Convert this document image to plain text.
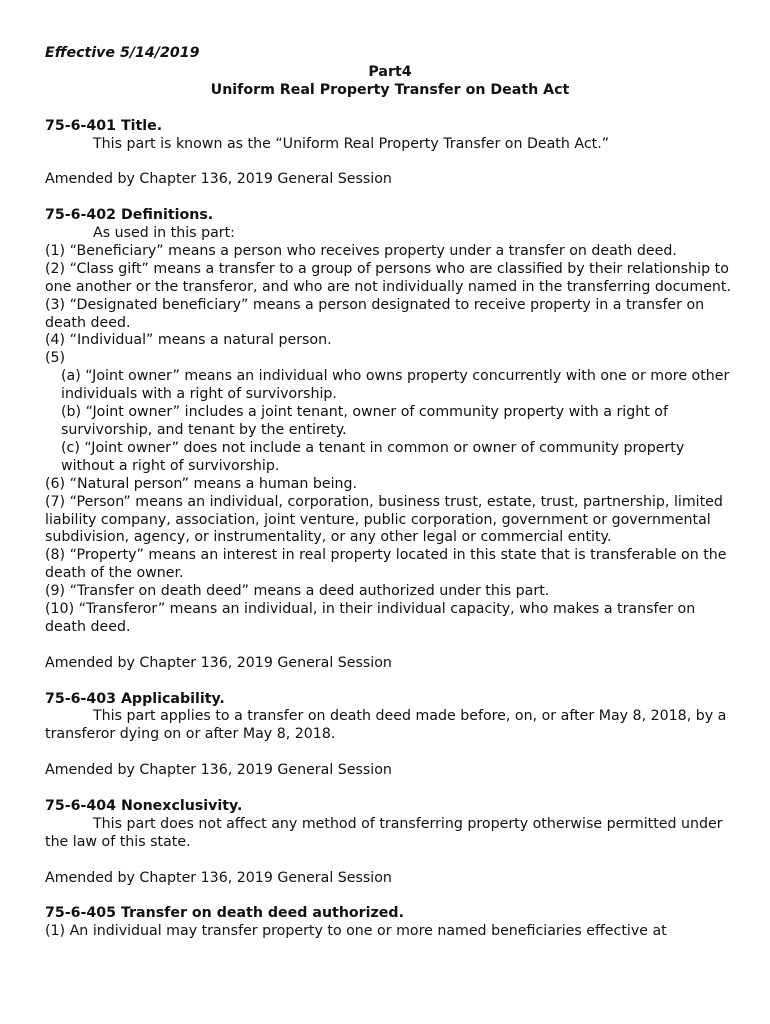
Effective 5/14/2019

Part4

Uniform Real Property Transfer on Death Act

75-6-401 Title.

This part is known as the “Uniform Real Property Transfer on Death Act.”

Amended by Chapter 136, 2019 General Session

75-6-402 Definitions.

As used in this part:

(1) “Beneficiary” means a person who receives property under a transfer on death deed.

(2) “Class gift” means a transfer to a group of persons who are classified by their relationship to one another or the transferor, and who are not individually named in the transferring document.

(3) “Designated beneficiary” means a person designated to receive property in a transfer on death deed.

(4) “Individual” means a natural person.

(5)

(a) “Joint owner” means an individual who owns property concurrently with one or more other individuals with a right of survivorship.

(b) “Joint owner” includes a joint tenant, owner of community property with a right of survivorship, and tenant by the entirety.

(c) “Joint owner” does not include a tenant in common or owner of community property without a right of survivorship.

(6) “Natural person” means a human being.

(7) “Person” means an individual, corporation, business trust, estate, trust, partnership, limited liability company, association, joint venture, public corporation, government or governmental subdivision, agency, or instrumentality, or any other legal or commercial entity.

(8) “Property” means an interest in real property located in this state that is transferable on the death of the owner.

(9) “Transfer on death deed” means a deed authorized under this part.

(10) “Transferor” means an individual, in their individual capacity, who makes a transfer on death deed.

Amended by Chapter 136, 2019 General Session

75-6-403 Applicability.

This part applies to a transfer on death deed made before, on, or after May 8, 2018, by a transferor dying on or after May 8, 2018.

Amended by Chapter 136, 2019 General Session

75-6-404 Nonexclusivity.

This part does not affect any method of transferring property otherwise permitted under the law of this state.

Amended by Chapter 136, 2019 General Session

75-6-405 Transfer on death deed authorized.

(1) An individual may transfer property to one or more named beneficiaries effective at
